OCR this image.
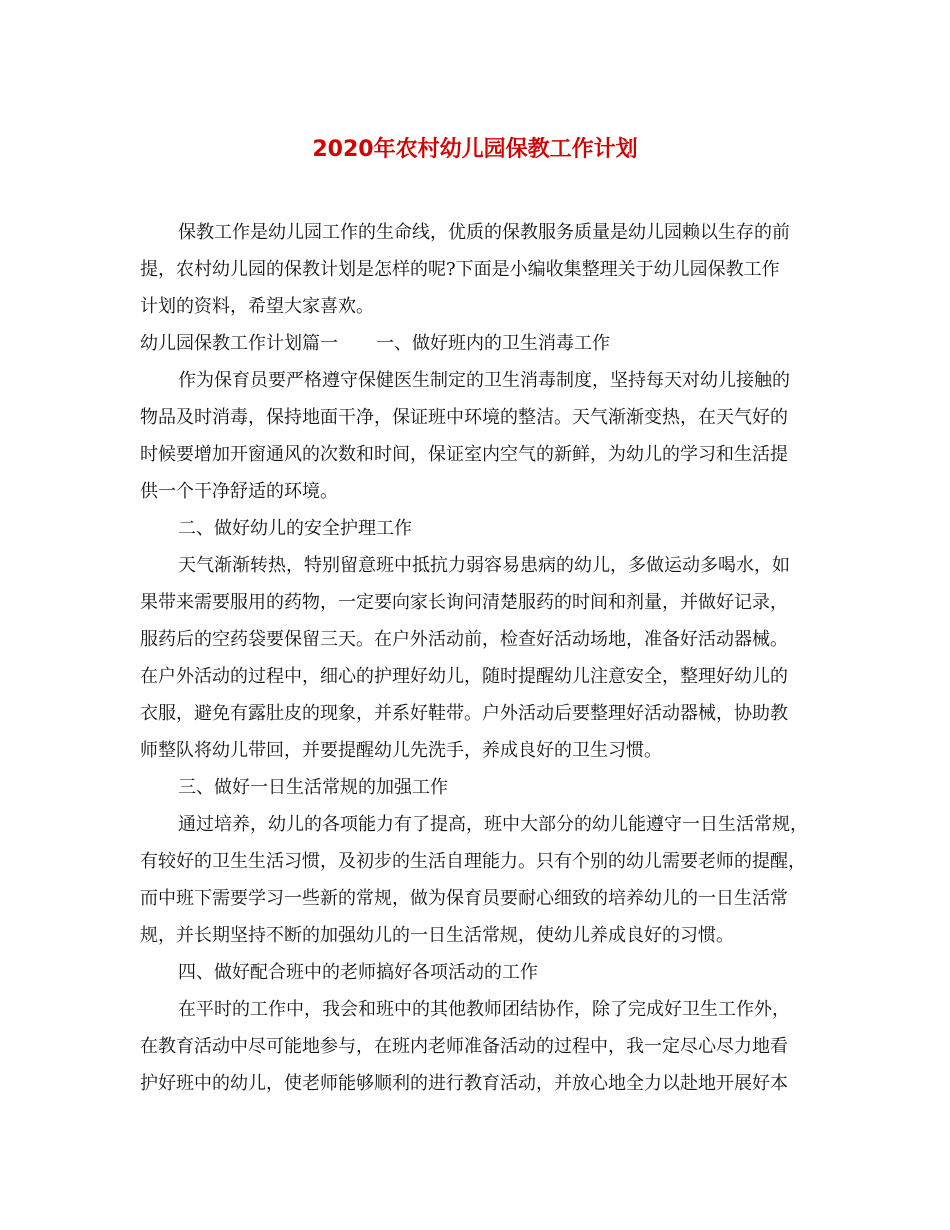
2020年农村幼儿园保教工作计划
保教工作是幼儿园工作的生命线，优质的保教服务质量是幼儿园赖以生存的前
提，农村幼儿园的保教计划是怎样的呢?下面是小编收集整理关于幼儿园保教工作
计划的资料，希望大家喜欢。
幼儿园保教工作计划篇一 一、做好班内的卫生消毒工作
作为保育员要严格遵守保健医生制定的卫生消毒制度，坚持每天对幼儿接触的
物品及时消毒，保持地面干净，保证班中环境的整洁。天气渐渐变热，在天气好的
时候要增加开窗通风的次数和时间，保证室内空气的新鲜，为幼儿的学习和生活提
供一个干净舒适的环境。
二、做好幼儿的安全护理工作
天气渐渐转热，特别留意班中抵抗力弱容易患病的幼儿，多做运动多喝水，如
果带来需要服用的药物，一定要向家长询问清楚服药的时间和剂量，并做好记录，
服药后的空药袋要保留三天。在户外活动前，检查好活动场地，准备好活动器械。
在户外活动的过程中，细心的护理好幼儿，随时提醒幼儿注意安全，整理好幼儿的
衣服，避免有露肚皮的现象，并系好鞋带。户外活动后要整理好活动器械，协助教
师整队将幼儿带回，并要提醒幼儿先洗手，养成良好的卫生习惯。
三、做好一日生活常规的加强工作
通过培养，幼儿的各项能力有了提高，班中大部分的幼儿能遵守一日生活常规，
有较好的卫生生活习惯，及初步的生活自理能力。只有个别的幼儿需要老师的提醒，
而中班下需要学习一些新的常规，做为保育员要耐心细致的培养幼儿的一日生活常
规，并长期坚持不断的加强幼儿的一日生活常规，使幼儿养成良好的习惯。
四、做好配合班中的老师搞好各项活动的工作
在平时的工作中，我会和班中的其他教师团结协作，除了完成好卫生工作外，
在教育活动中尽可能地参与，在班内老师准备活动的过程中，我一定尽心尽力地看
护好班中的幼儿，使老师能够顺利的进行教育活动，并放心地全力以赴地开展好本
